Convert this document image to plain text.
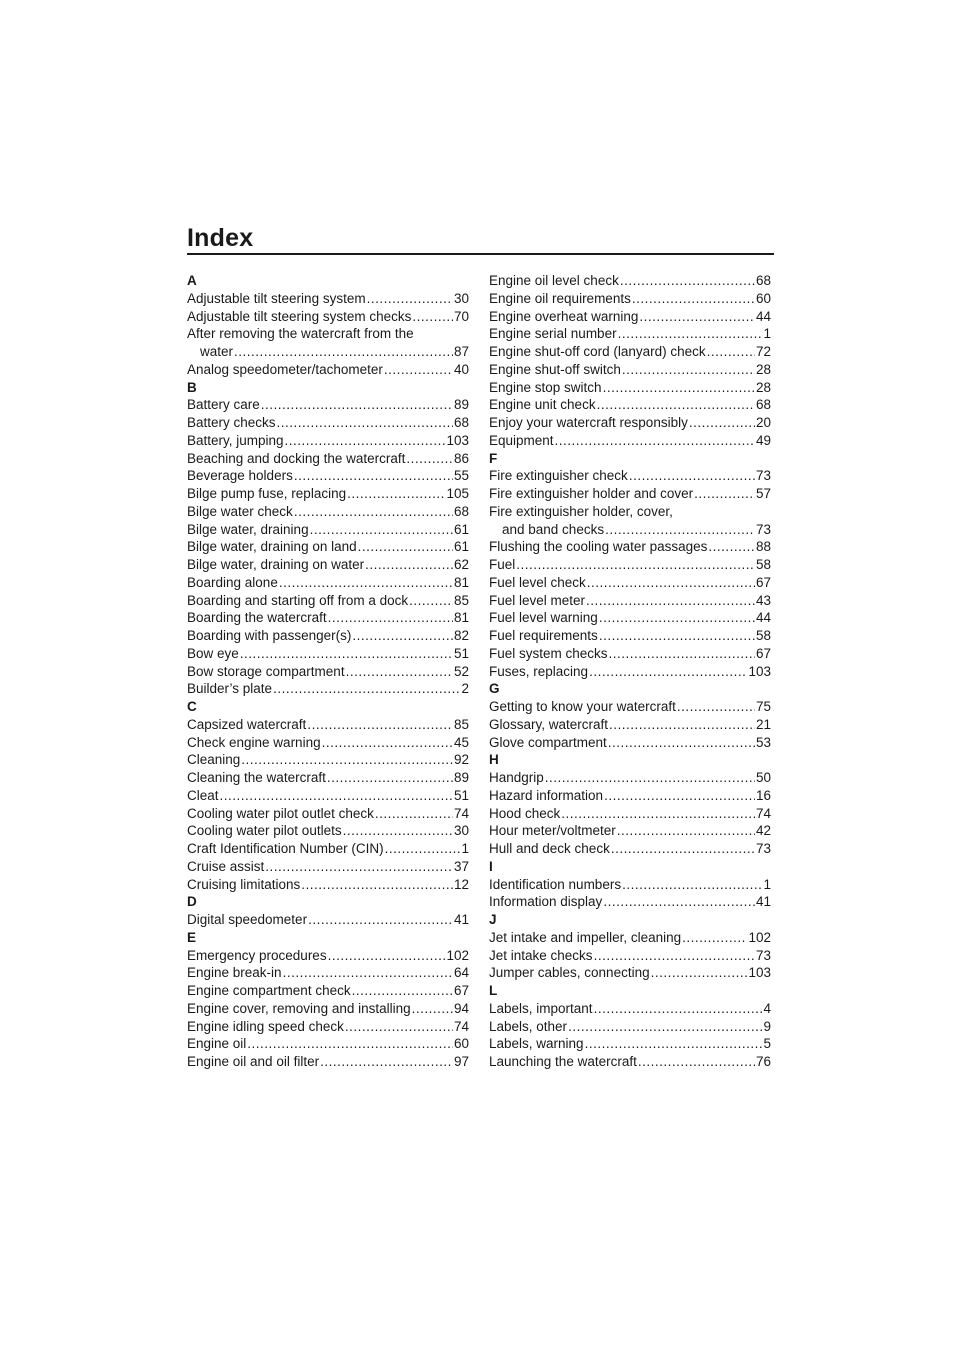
Index
A
Adjustable tilt steering system .....	30
Adjustable tilt steering system checks .....	70
After removing the watercraft from the
water .....	87
Analog speedometer/tachometer .....	40
B
Battery care .....	89
Battery checks .....	68
Battery, jumping .....	103
Beaching and docking the watercraft .....	86
Beverage holders .....	55
Bilge pump fuse, replacing .....	105
Bilge water check .....	68
Bilge water, draining .....	61
Bilge water, draining on land .....	61
Bilge water, draining on water .....	62
Boarding alone .....	81
Boarding and starting off from a dock .....	85
Boarding the watercraft .....	81
Boarding with passenger(s) .....	82
Bow eye .....	51
Bow storage compartment .....	52
Builder’s plate .....	2
C
Capsized watercraft .....	85
Check engine warning .....	45
Cleaning .....	92
Cleaning the watercraft .....	89
Cleat .....	51
Cooling water pilot outlet check .....	74
Cooling water pilot outlets .....	30
Craft Identification Number (CIN) .....	1
Cruise assist .....	37
Cruising limitations .....	12
D
Digital speedometer .....	41
E
Emergency procedures .....	102
Engine break-in .....	64
Engine compartment check .....	67
Engine cover, removing and installing .....	94
Engine idling speed check .....	74
Engine oil .....	60
Engine oil and oil filter .....	97
Engine oil level check .....	68
Engine oil requirements .....	60
Engine overheat warning .....	44
Engine serial number .....	1
Engine shut-off cord (lanyard) check .....	72
Engine shut-off switch .....	28
Engine stop switch .....	28
Engine unit check .....	68
Enjoy your watercraft responsibly .....	20
Equipment .....	49
F
Fire extinguisher check .....	73
Fire extinguisher holder and cover .....	57
Fire extinguisher holder, cover,
and band checks .....	73
Flushing the cooling water passages .....	88
Fuel .....	58
Fuel level check .....	67
Fuel level meter .....	43
Fuel level warning .....	44
Fuel requirements .....	58
Fuel system checks .....	67
Fuses, replacing .....	103
G
Getting to know your watercraft .....	75
Glossary, watercraft .....	21
Glove compartment .....	53
H
Handgrip .....	50
Hazard information .....	16
Hood check .....	74
Hour meter/voltmeter .....	42
Hull and deck check .....	73
I
Identification numbers .....	1
Information display .....	41
J
Jet intake and impeller, cleaning .....	102
Jet intake checks .....	73
Jumper cables, connecting .....	103
L
Labels, important .....	4
Labels, other .....	9
Labels, warning .....	5
Launching the watercraft .....	76
